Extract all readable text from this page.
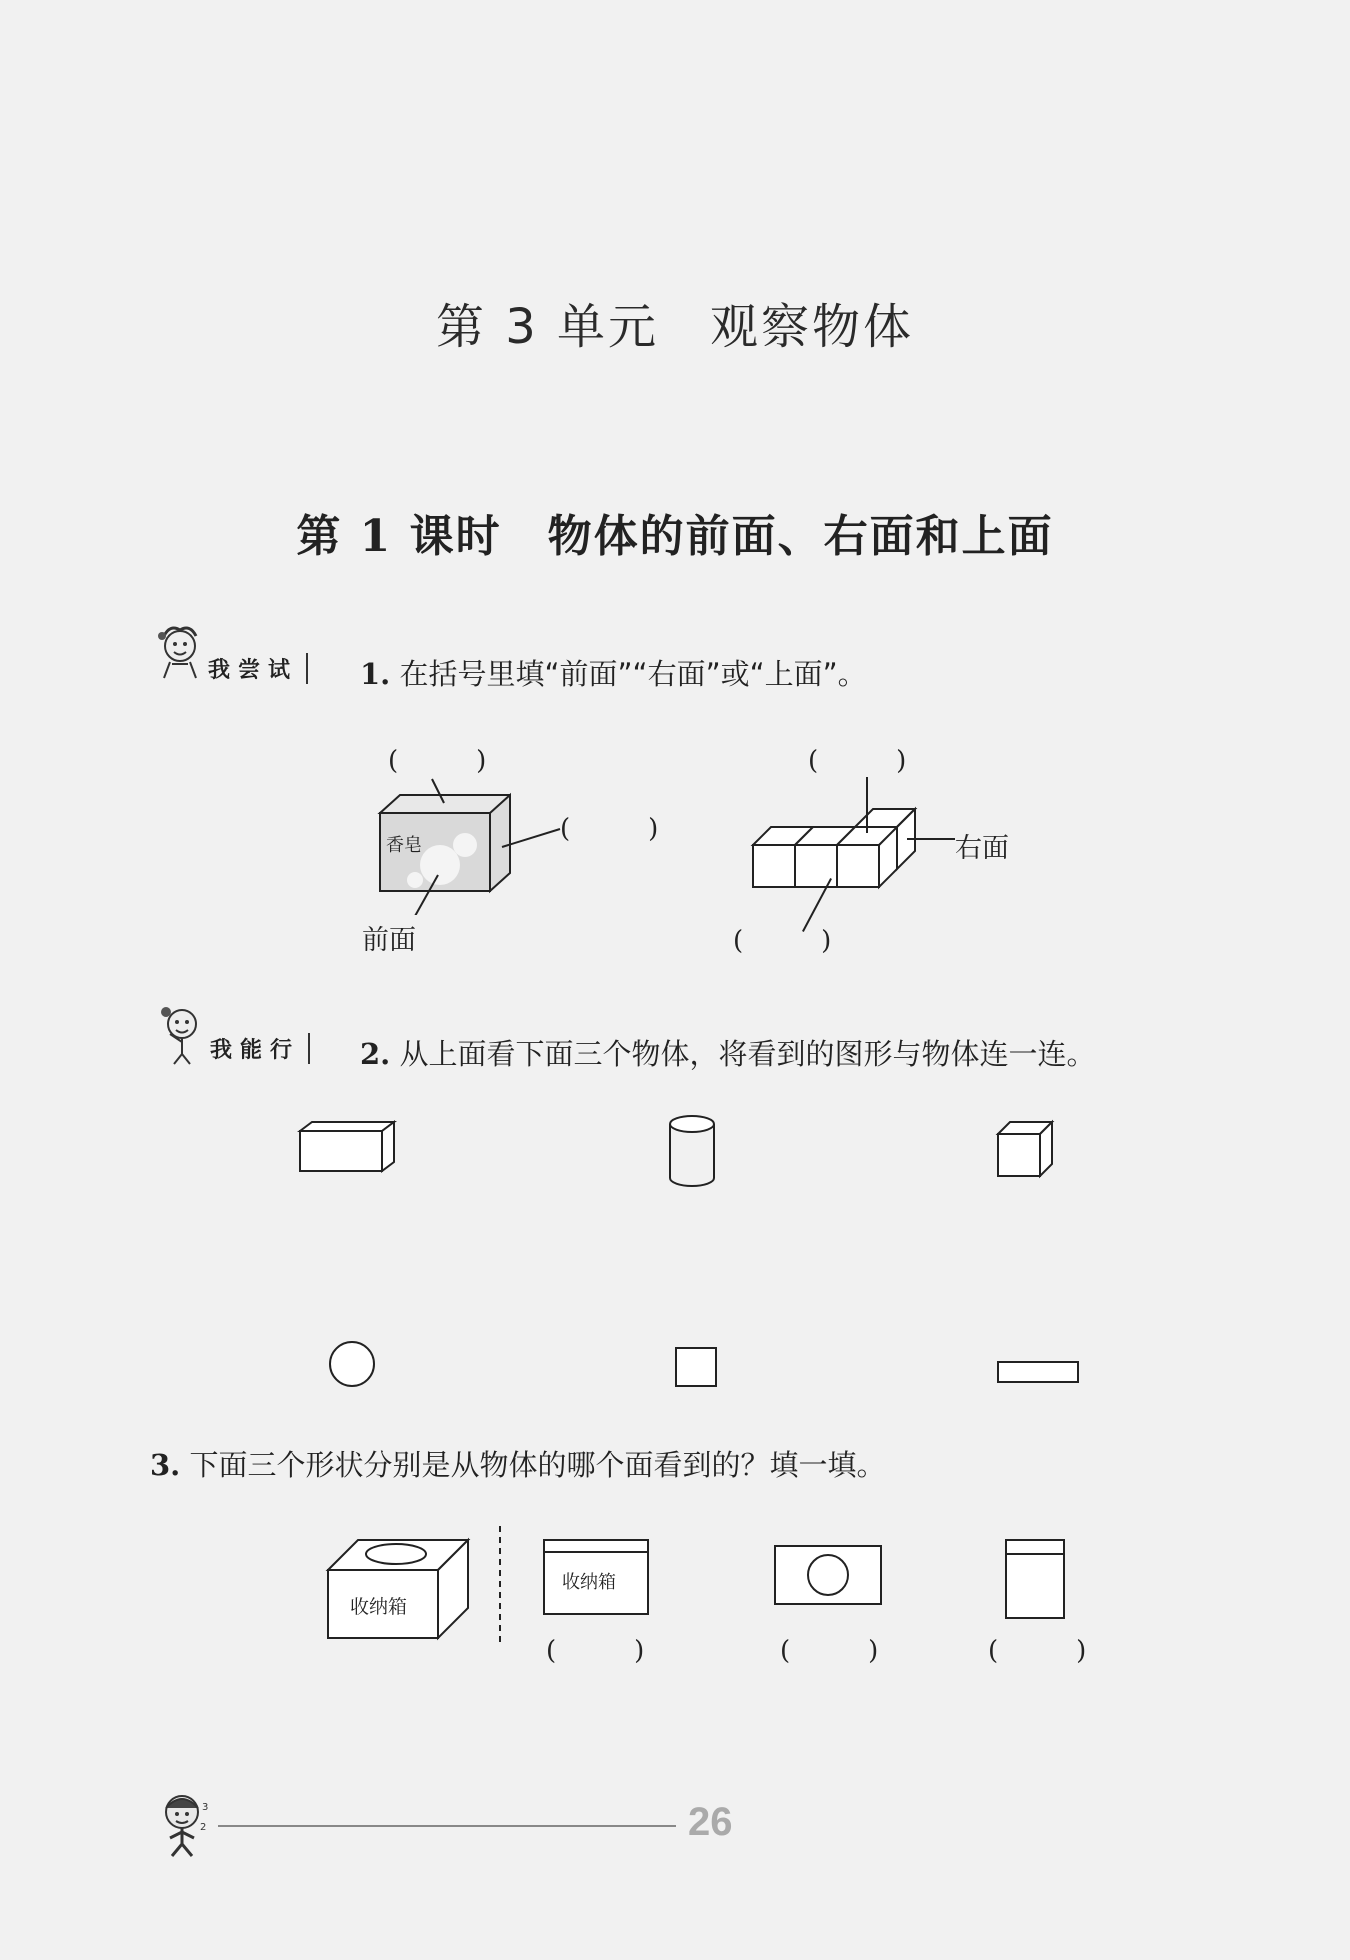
第 3 单元　观察物体
第 1 课时　物体的前面、右面和上面
我尝试	1. 在括号里填“前面”“右面”或“上面”。
(　　　)
(　　　)
前面
香皂
(　　　)
右面
(　　　)
我能行	2. 从上面看下面三个物体，将看到的图形与物体连一连。
3. 下面三个形状分别是从物体的哪个面看到的？填一填。
收纳箱
收纳箱
(　　　)	(　　　)	(　　　)
3
2	26
